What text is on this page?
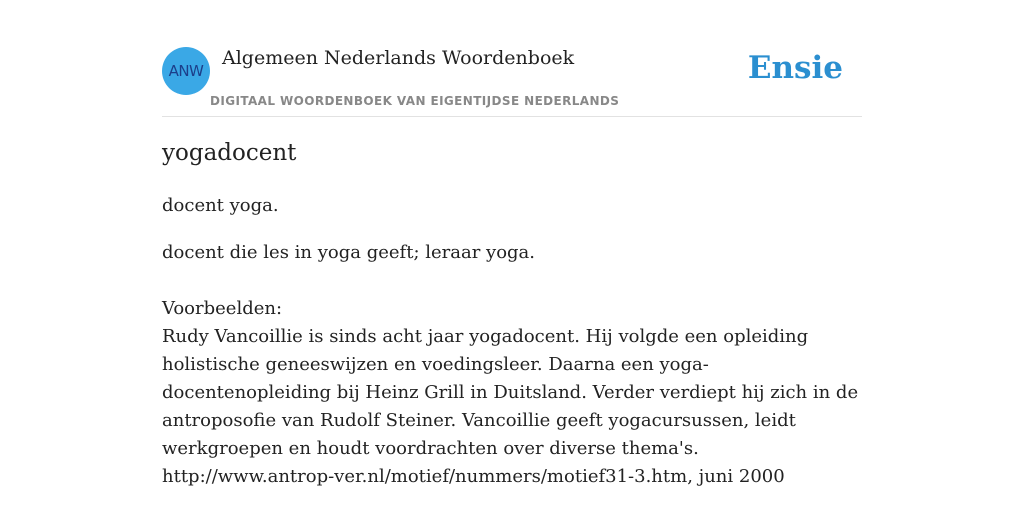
ANW
Algemeen Nederlands Woordenboek
DIGITAAL WOORDENBOEK VAN EIGENTIJDSE NEDERLANDS
Ensie
yogadocent

docent yoga.

docent die les in yoga geeft; leraar yoga.

Voorbeelden:

Rudy Vancoillie is sinds acht jaar yogadocent. Hij volgde een opleiding holistische geneeswijzen en voedingsleer. Daarna een yoga-docentenopleiding bij Heinz Grill in Duitsland. Verder verdiept hij zich in de antroposofie van Rudolf Steiner. Vancoillie geeft yogacursussen, leidt werkgroepen en houdt voordrachten over diverse thema's.

http://www.antrop-ver.nl/motief/nummers/motief31-3.htm, juni 2000
